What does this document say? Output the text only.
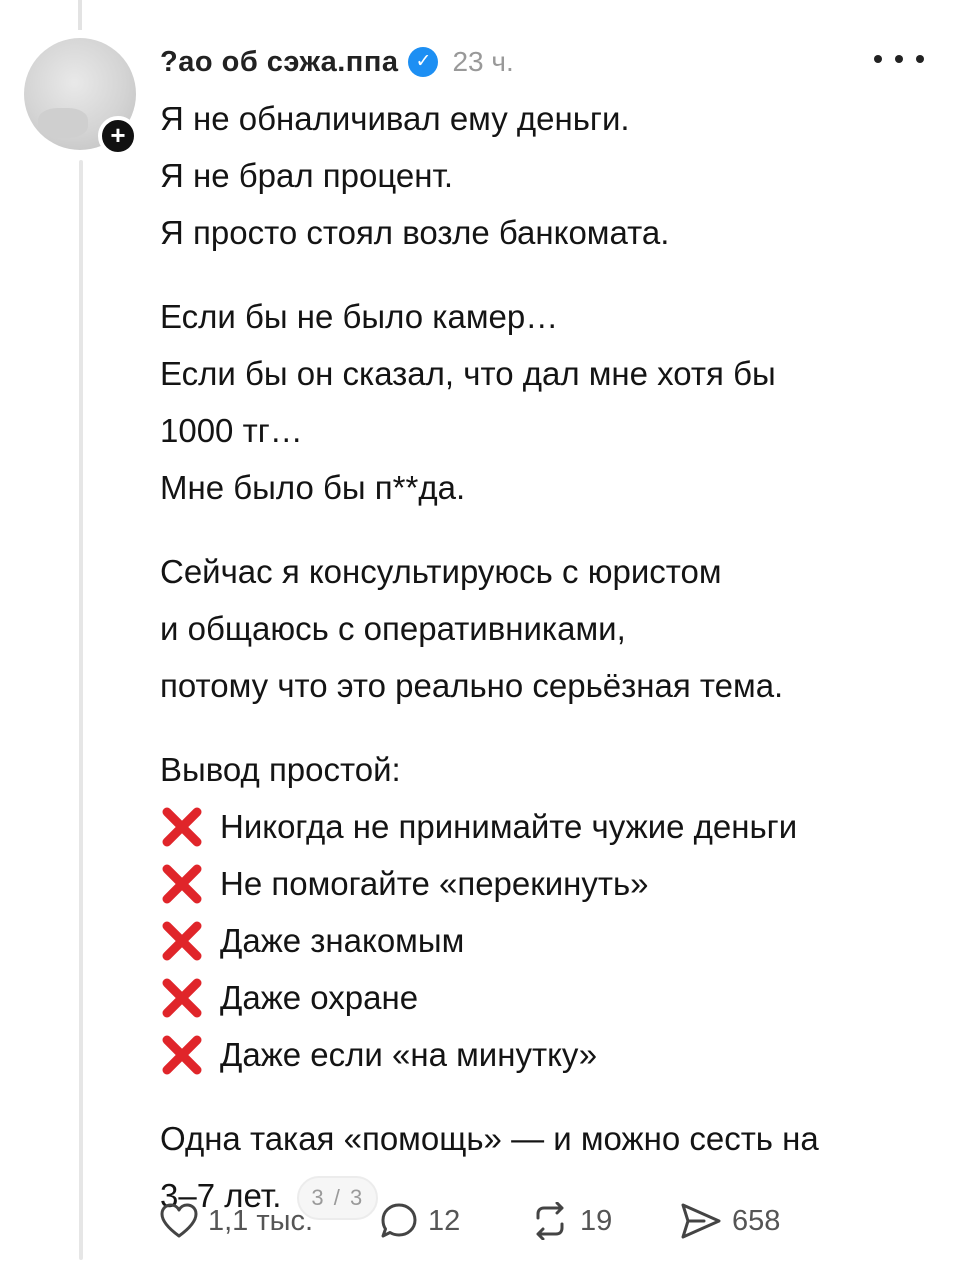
+
?ао об сэжa.ппа ✓ 23 ч.
Я не обналичивал ему деньги.
Я не брал процент.
Я просто стоял возле банкомата.
Если бы не было камер…
Если бы он сказал, что дал мне хотя бы
1000 тг…
Мне было бы п**да.
Сейчас я консультируюсь с юристом
и общаюсь с оперативниками,
потому что это реально серьёзная тема.
Вывод простой:
Никогда не принимайте чужие деньги
Не помогайте «перекинуть»
Даже знакомым
Даже охране
Даже если «на минутку»
Одна такая «помощь» — и можно сесть на
3–7 лет. 3 / 3
1,1 тыс.	12	19	658
